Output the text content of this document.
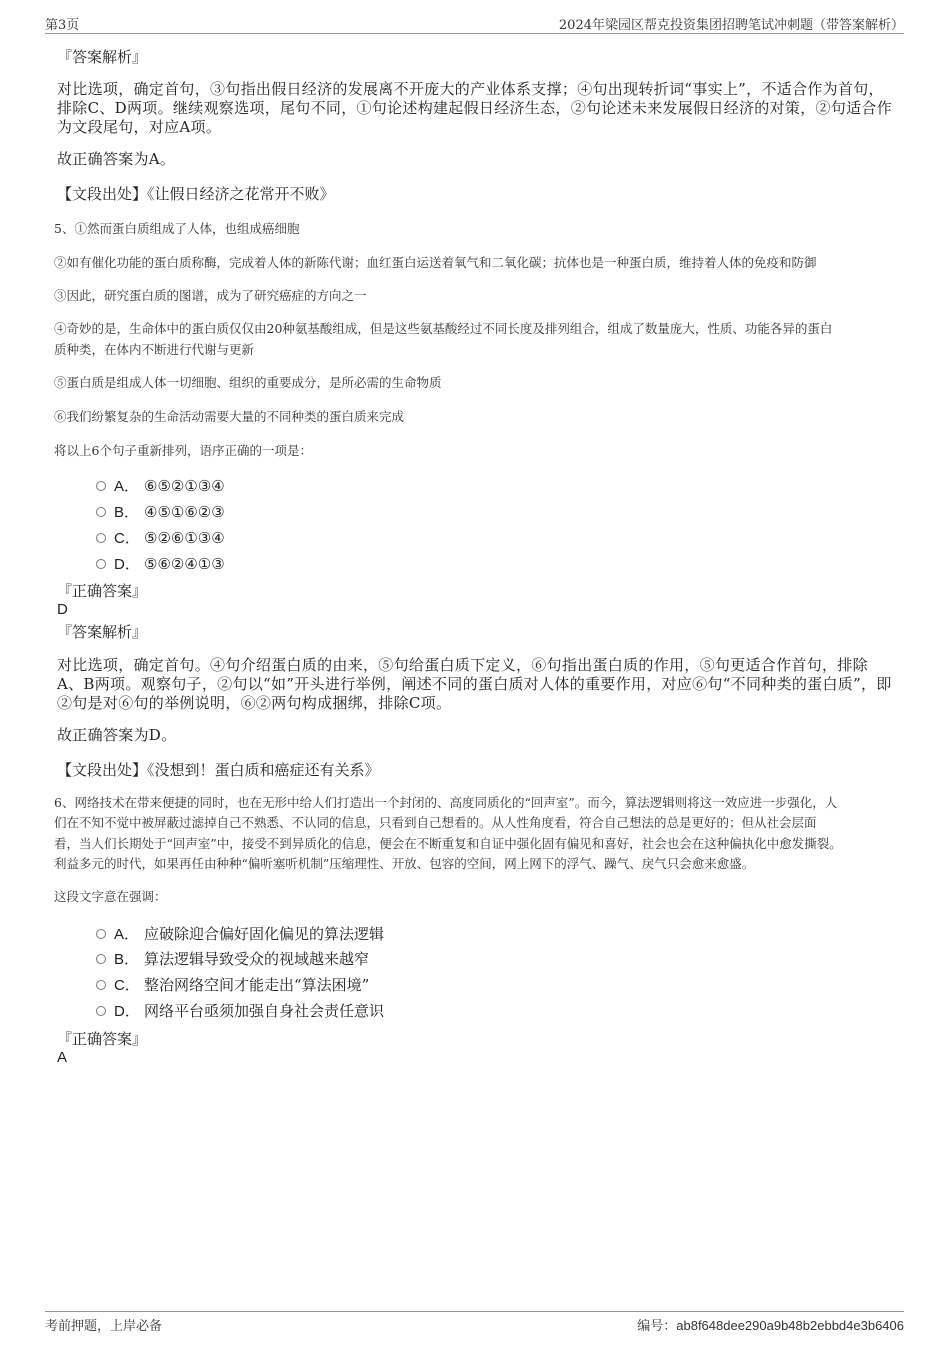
第3页	2024年梁园区帮克投资集团招聘笔试冲刺题（带答案解析）
『答案解析』
对比选项，确定首句，③句指出假日经济的发展离不开庞大的产业体系支撑；④句出现转折词“事实上”，不适合作为首句，
排除C、D两项。继续观察选项，尾句不同，①句论述构建起假日经济生态，②句论述未来发展假日经济的对策，②句适合作
为文段尾句，对应A项。
故正确答案为A。
【文段出处】《让假日经济之花常开不败》
5、①然而蛋白质组成了人体，也组成癌细胞
②如有催化功能的蛋白质称酶，完成着人体的新陈代谢；血红蛋白运送着氧气和二氧化碳；抗体也是一种蛋白质，维持着人体的免疫和防御
③因此，研究蛋白质的图谱，成为了研究癌症的方向之一
④奇妙的是，生命体中的蛋白质仅仅由20种氨基酸组成，但是这些氨基酸经过不同长度及排列组合，组成了数量庞大，性质、功能各异的蛋白
质种类，在体内不断进行代谢与更新
⑤蛋白质是组成人体一切细胞、组织的重要成分，是所必需的生命物质
⑥我们纷繁复杂的生命活动需要大量的不同种类的蛋白质来完成
将以上6个句子重新排列，语序正确的一项是：
A． ⑥⑤②①③④
B． ④⑤①⑥②③
C． ⑤②⑥①③④
D． ⑤⑥②④①③
『正确答案』
D
『答案解析』
对比选项，确定首句。④句介绍蛋白质的由来，⑤句给蛋白质下定义，⑥句指出蛋白质的作用，⑤句更适合作首句，排除
A、B两项。观察句子，②句以“如”开头进行举例，阐述不同的蛋白质对人体的重要作用，对应⑥句“不同种类的蛋白质”，即
②句是对⑥句的举例说明，⑥②两句构成捆绑，排除C项。
故正确答案为D。
【文段出处】《没想到！蛋白质和癌症还有关系》
6、网络技术在带来便捷的同时，也在无形中给人们打造出一个封闭的、高度同质化的“回声室”。而今，算法逻辑则将这一效应进一步强化，人
们在不知不觉中被屏蔽过滤掉自己不熟悉、不认同的信息，只看到自己想看的。从人性角度看，符合自己想法的总是更好的；但从社会层面
看，当人们长期处于“回声室”中，接受不到异质化的信息，便会在不断重复和自证中强化固有偏见和喜好，社会也会在这种偏执化中愈发撕裂。
利益多元的时代，如果再任由种种“偏听塞听机制”压缩理性、开放、包容的空间，网上网下的浮气、躁气、戾气只会愈来愈盛。
这段文字意在强调：
A． 应破除迎合偏好固化偏见的算法逻辑
B． 算法逻辑导致受众的视域越来越窄
C． 整治网络空间才能走出“算法困境”
D． 网络平台亟须加强自身社会责任意识
『正确答案』
A
考前押题，上岸必备	编号：ab8f648dee290a9b48b2ebbd4e3b6406
